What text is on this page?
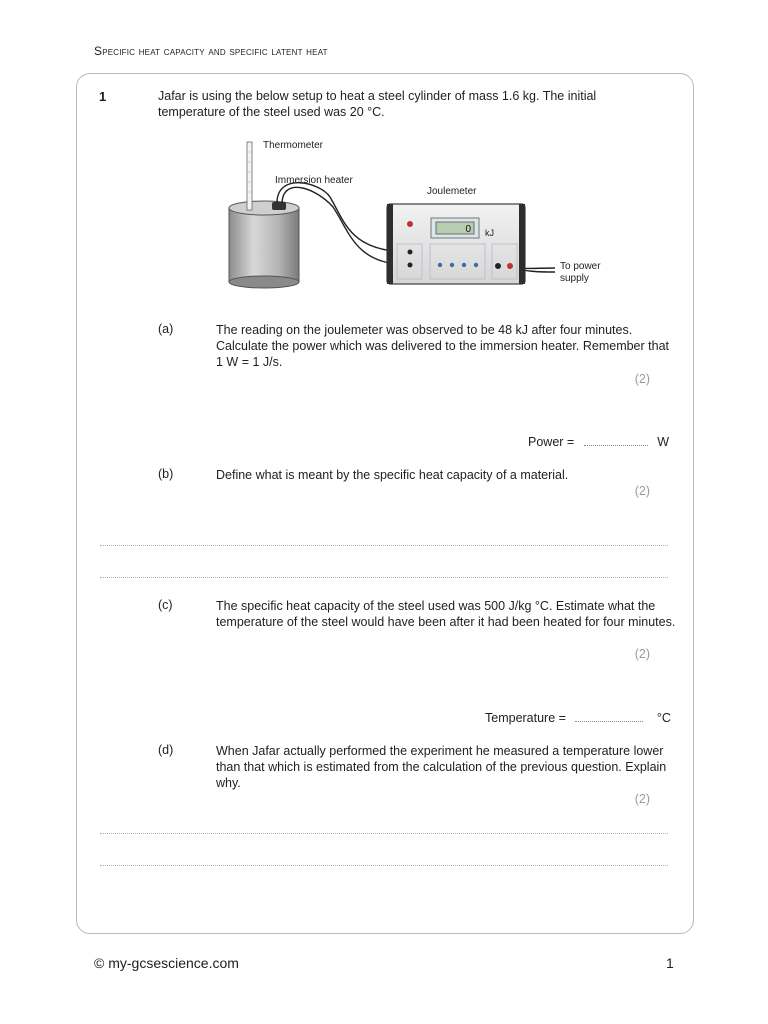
Specific heat capacity and specific latent heat
1	Jafar is using the below setup to heat a steel cylinder of mass 1.6 kg. The initial temperature of the steel used was 20 °C.
Thermometer
Immersion heater
Joulemeter
0 kJ
To power
supply
(a)	The reading on the joulemeter was observed to be 48 kJ after four minutes. Calculate the power which was delivered to the immersion heater. Remember that 1 W = 1 J/s.
(2)
Power =	W
(b)	Define what is meant by the specific heat capacity of a material.
(2)
(c)	The specific heat capacity of the steel used was 500 J/kg °C. Estimate what the temperature of the steel would have been after it had been heated for four minutes.
(2)
Temperature =	°C
(d)	When Jafar actually performed the experiment he measured a temperature lower than that which is estimated from the calculation of the previous question. Explain why.
(2)
© my-gcsescience.com	1
